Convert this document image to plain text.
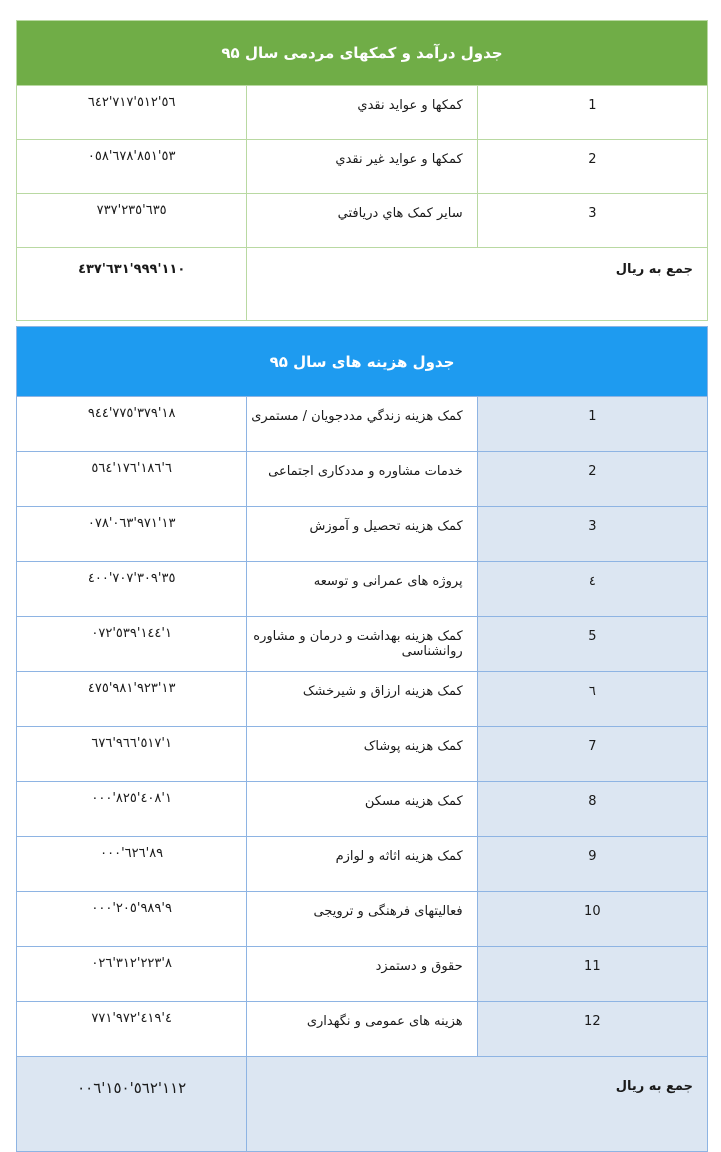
جدول درآمد و کمکهای مردمی سال ۹۵		
٥٦'٥١٢'٧١٧'٦٤٢	کمکها و عوايد نقدي	1
٥٣'٨٥١'٦٧٨'٠٥٨	کمکها و عوايد غير نقدي	2
٦٣٥'٢٣٥'٧٣٧	ساير کمک هاي دريافتي	3
١١٠'٩٩٩'٦٣١'٤٣٧	جمع به ريال	
جدول هزینه های سال ۹۵		
١٨'٣٧٩'٧٧٥'٩٤٤	کمک هزينه زندگي مددجويان / مستمری	1
٦'١٨٦'١٧٦'٥٦٤	خدمات مشاوره و مددكاری اجتماعی	2
١٣'٩٧١'٠٦٣'٠٧٨	کمک هزينه تحصيل و آموزش	3
٣٥'٣٠٩'٧٠٧'٤٠٠	پروژه های عمرانی و توسعه	٤
١'١٤٤'٥٣٩'٠٧٢	کمک هزينه بهداشت و درمان و مشاوره روانشناسی	5
١٣'٩٢٣'٩٨١'٤٧٥	کمک هزينه ارزاق و شيرخشک	٦
١'٥١٧'٩٦٦'٦٧٦	کمک هزينه پوشاک	7
١'٤٠٨'٨٢٥'٠٠٠	کمک هزينه مسکن	8
٨٩'٦٢٦'٠٠٠	کمک هزينه اثاثه و لوازم	9
٩'٩٨٩'٢٠٥'٠٠٠	فعاليتهای فرهنگی و ترويجی	10
٨'٢٢٣'٣١٢'٠٢٦	حقوق و دستمزد	11
٤'٤١٩'٩٧٢'٧٧١	هزينه های عمومی و نگهداری	12
١١٢'٥٦٢'١٥٠'٠٠٦	جمع به ريال	
